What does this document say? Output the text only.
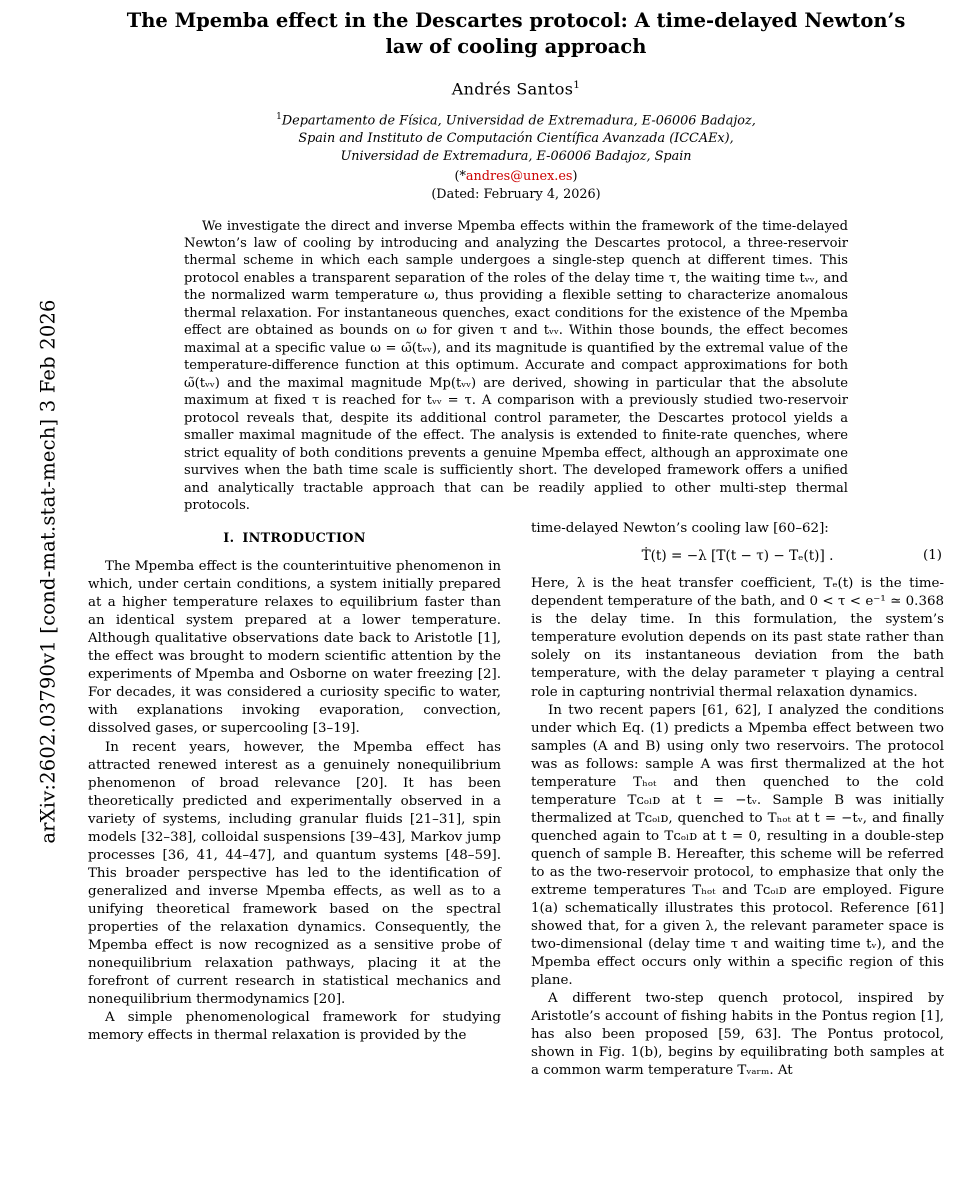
arXiv:2602.03790v1 [cond-mat.stat-mech] 3 Feb 2026
The Mpemba effect in the Descartes protocol: A time-delayed Newton’s law of cooling approach
Andrés Santos$^1$
$^1$Departamento de Física, Universidad de Extremadura, E-06006 Badajoz,
Spain and Instituto de Computación Científica Avanzada (ICCAEx),
Universidad de Extremadura, E-06006 Badajoz, Spain
(*andres@unex.es)
(Dated: February 4, 2026)
We investigate the direct and inverse Mpemba effects within the framework of the time-delayed Newton’s law of cooling by introducing and analyzing the Descartes protocol, a three-reservoir thermal scheme in which each sample undergoes a single-step quench at different times. This protocol enables a transparent separation of the roles of the delay time τ, the waiting time tᵥᵥ, and the normalized warm temperature ω, thus providing a flexible setting to characterize anomalous thermal relaxation. For instantaneous quenches, exact conditions for the existence of the Mpemba effect are obtained as bounds on ω for given τ and tᵥᵥ. Within those bounds, the effect becomes maximal at a specific value ω = ω̃(tᵥᵥ), and its magnitude is quantified by the extremal value of the temperature-difference function at this optimum. Accurate and compact approximations for both ω̃(tᵥᵥ) and the maximal magnitude Mp(tᵥᵥ) are derived, showing in particular that the absolute maximum at fixed τ is reached for tᵥᵥ = τ. A comparison with a previously studied two-reservoir protocol reveals that, despite its additional control parameter, the Descartes protocol yields a smaller maximal magnitude of the effect. The analysis is extended to finite-rate quenches, where strict equality of both conditions prevents a genuine Mpemba effect, although an approximate one survives when the bath time scale is sufficiently short. The developed framework offers a unified and analytically tractable approach that can be readily applied to other multi-step thermal protocols.
I. INTRODUCTION

The Mpemba effect is the counterintuitive phenomenon in which, under certain conditions, a system initially prepared at a higher temperature relaxes to equilibrium faster than an identical system prepared at a lower temperature. Although qualitative observations date back to Aristotle [1], the effect was brought to modern scientific attention by the experiments of Mpemba and Osborne on water freezing [2]. For decades, it was considered a curiosity specific to water, with explanations invoking evaporation, convection, dissolved gases, or supercooling [3–19].

In recent years, however, the Mpemba effect has attracted renewed interest as a genuinely nonequilibrium phenomenon of broad relevance [20]. It has been theoretically predicted and experimentally observed in a variety of systems, including granular fluids [21–31], spin models [32–38], colloidal suspensions [39–43], Markov jump processes [36, 41, 44–47], and quantum systems [48–59]. This broader perspective has led to the identification of generalized and inverse Mpemba effects, as well as to a unifying theoretical framework based on the spectral properties of the relaxation dynamics. Consequently, the Mpemba effect is now recognized as a sensitive probe of nonequilibrium relaxation pathways, placing it at the forefront of current research in statistical mechanics and nonequilibrium thermodynamics [20].

A simple phenomenological framework for studying memory effects in thermal relaxation is provided by the

time-delayed Newton’s cooling law [60–62]:

Ṫ(t) = −λ [T(t − τ) − Tₑ(t)] .	(1)

Here, λ is the heat transfer coefficient, Tₑ(t) is the time-dependent temperature of the bath, and 0 < τ < e⁻¹ ≃ 0.368 is the delay time. In this formulation, the system’s temperature evolution depends on its past state rather than solely on its instantaneous deviation from the bath temperature, with the delay parameter τ playing a central role in capturing nontrivial thermal relaxation dynamics.

In two recent papers [61, 62], I analyzed the conditions under which Eq. (1) predicts a Mpemba effect between two samples (A and B) using only two reservoirs. The protocol was as follows: sample A was first thermalized at the hot temperature Tₕₒₜ and then quenched to the cold temperature Tᴄₒₗᴅ at t = −tᵥ. Sample B was initially thermalized at Tᴄₒₗᴅ, quenched to Tₕₒₜ at t = −tᵥ, and finally quenched again to Tᴄₒₗᴅ at t = 0, resulting in a double-step quench of sample B. Hereafter, this scheme will be referred to as the two-reservoir protocol, to emphasize that only the extreme temperatures Tₕₒₜ and Tᴄₒₗᴅ are employed. Figure 1(a) schematically illustrates this protocol. Reference [61] showed that, for a given λ, the relevant parameter space is two-dimensional (delay time τ and waiting time tᵥ), and the Mpemba effect occurs only within a specific region of this plane.

A different two-step quench protocol, inspired by Aristotle’s account of fishing habits in the Pontus region [1], has also been proposed [59, 63]. The Pontus protocol, shown in Fig. 1(b), begins by equilibrating both samples at a common warm temperature Tᵥₐᵣₘ. At
